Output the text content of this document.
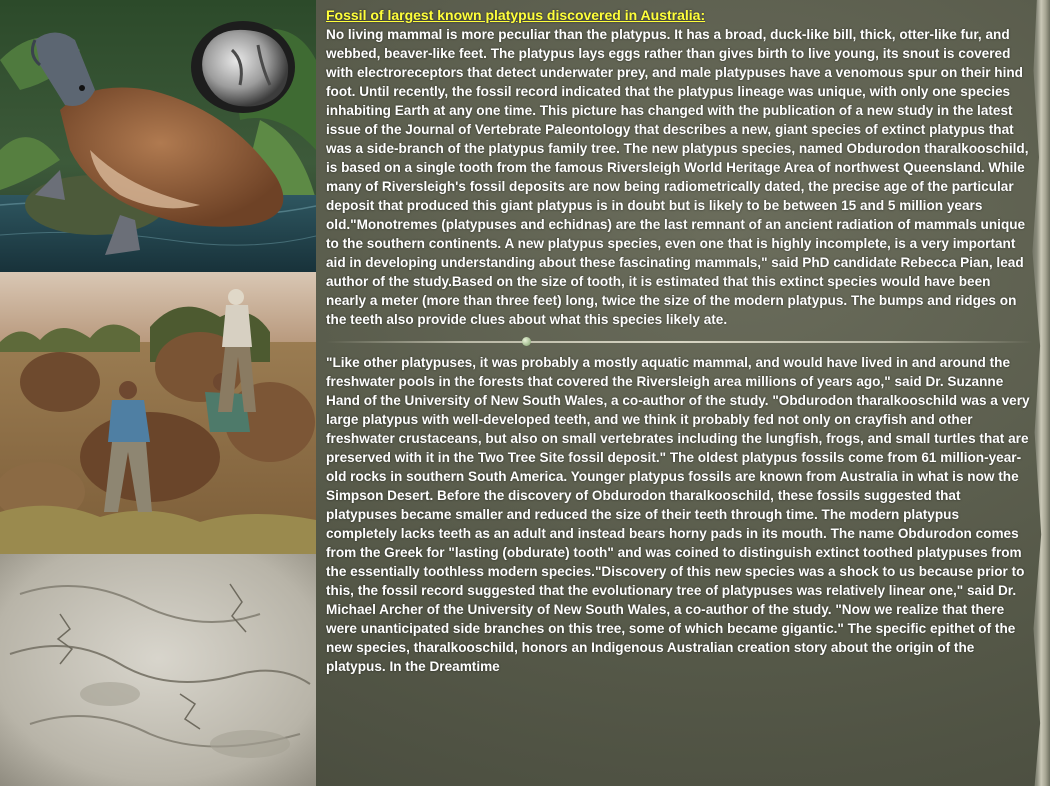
Fossil of largest known platypus discovered in Australia:

No living mammal is more peculiar than the platypus. It has a broad, duck-like bill, thick, otter-like fur, and webbed, beaver-like feet. The platypus lays eggs rather than gives birth to live young, its snout is covered with electroreceptors that detect underwater prey, and male platypuses have a venomous spur on their hind foot. Until recently, the fossil record indicated that the platypus lineage was unique, with only one species inhabiting Earth at any one time. This picture has changed with the publication of a new study in the latest issue of the Journal of Vertebrate Paleontology that describes a new, giant species of extinct platypus that was a side-branch of the platypus family tree. The new platypus species, named Obdurodon tharalkooschild, is based on a single tooth from the famous Riversleigh World Heritage Area of northwest Queensland. While many of Riversleigh's fossil deposits are now being radiometrically dated, the precise age of the particular deposit that produced this giant platypus is in doubt but is likely to be between 15 and 5 million years old."Monotremes (platypuses and echidnas) are the last remnant of an ancient radiation of mammals unique to the southern continents. A new platypus species, even one that is highly incomplete, is a very important aid in developing understanding about these fascinating mammals," said PhD candidate Rebecca Pian, lead author of the study.Based on the size of tooth, it is estimated that this extinct species would have been nearly a meter (more than three feet) long, twice the size of the modern platypus. The bumps and ridges on the teeth also provide clues about what this species likely ate.

"Like other platypuses, it was probably a mostly aquatic mammal, and would have lived in and around the freshwater pools in the forests that covered the Riversleigh area millions of years ago," said Dr. Suzanne Hand of the University of New South Wales, a co-author of the study. "Obdurodon tharalkooschild was a very large platypus with well-developed teeth, and we think it probably fed not only on crayfish and other freshwater crustaceans, but also on small vertebrates including the lungfish, frogs, and small turtles that are preserved with it in the Two Tree Site fossil deposit." The oldest platypus fossils come from 61 million-year-old rocks in southern South America. Younger platypus fossils are known from Australia in what is now the Simpson Desert. Before the discovery of Obdurodon tharalkooschild, these fossils suggested that platypuses became smaller and reduced the size of their teeth through time. The modern platypus completely lacks teeth as an adult and instead bears horny pads in its mouth. The name Obdurodon comes from the Greek for "lasting (obdurate) tooth" and was coined to distinguish extinct toothed platypuses from the essentially toothless modern species."Discovery of this new species was a shock to us because prior to this, the fossil record suggested that the evolutionary tree of platypuses was relatively linear one," said Dr. Michael Archer of the University of New South Wales, a co-author of the study. "Now we realize that there were unanticipated side branches on this tree, some of which became gigantic." The specific epithet of the new species, tharalkooschild, honors an Indigenous Australian creation story about the origin of the platypus. In the Dreamtime
